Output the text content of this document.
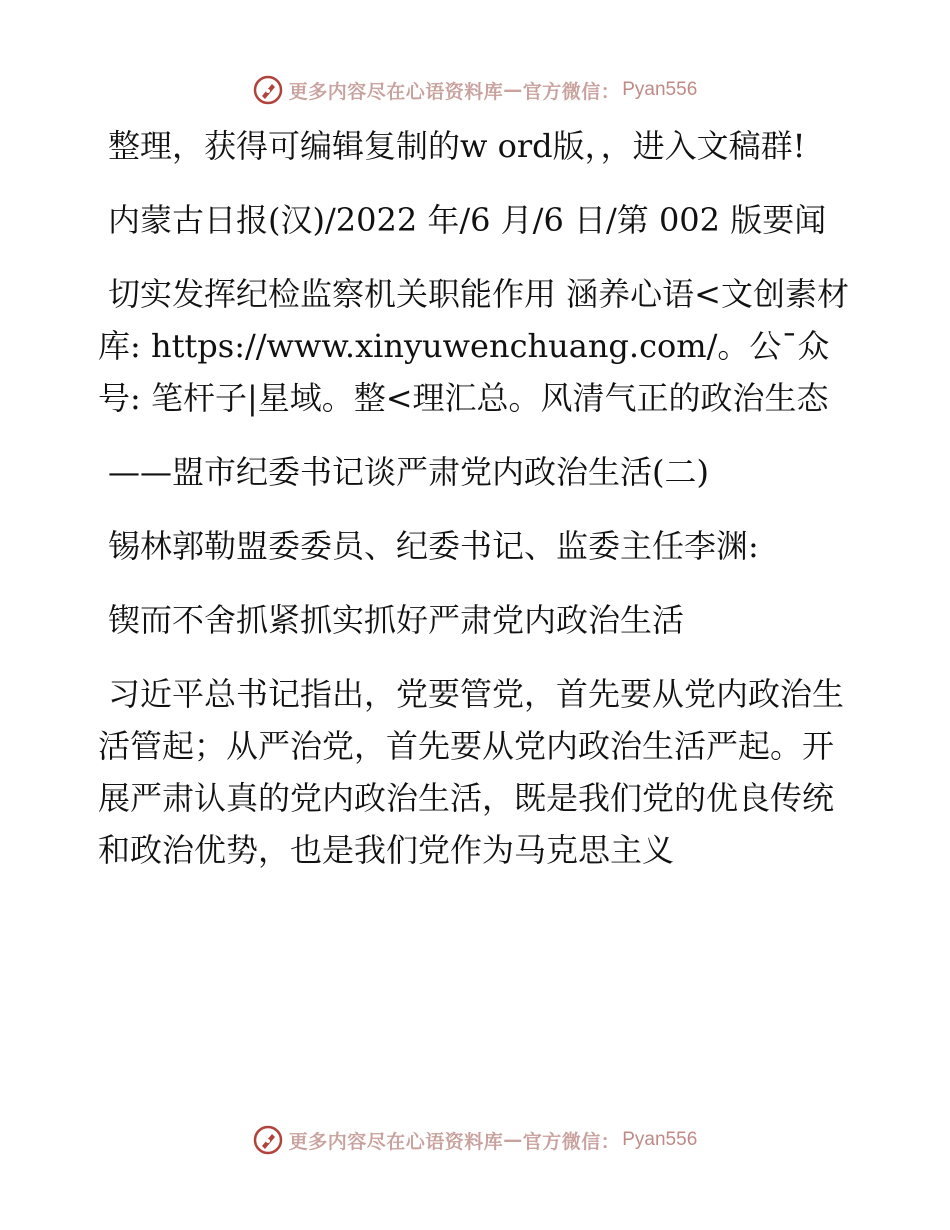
更多内容尽在心语资料库 — 官方微信： Pyan556

整理，获得可编辑复制的w ord版，，进入文稿群!

内蒙古日报(汉)/2022 年/6 月/6 日/第 002 版要闻

切实发挥纪检监察机关职能作用 涵养心语<文创素材库: https://www.xinyuwenchuang.com/。公¯众号: 笔杆子|星域。整<理汇总。风清气正的政治生态

——盟市纪委书记谈严肃党内政治生活(二)

锡林郭勒盟委委员、纪委书记、监委主任李渊:

锲而不舍抓紧抓实抓好严肃党内政治生活

习近平总书记指出，党要管党，首先要从党内政治生活管起；从严治党，首先要从党内政治生活严起。开展严肃认真的党内政治生活，既是我们党的优良传统和政治优势，也是我们党作为马克思主义

更多内容尽在心语资料库 — 官方微信： Pyan556
